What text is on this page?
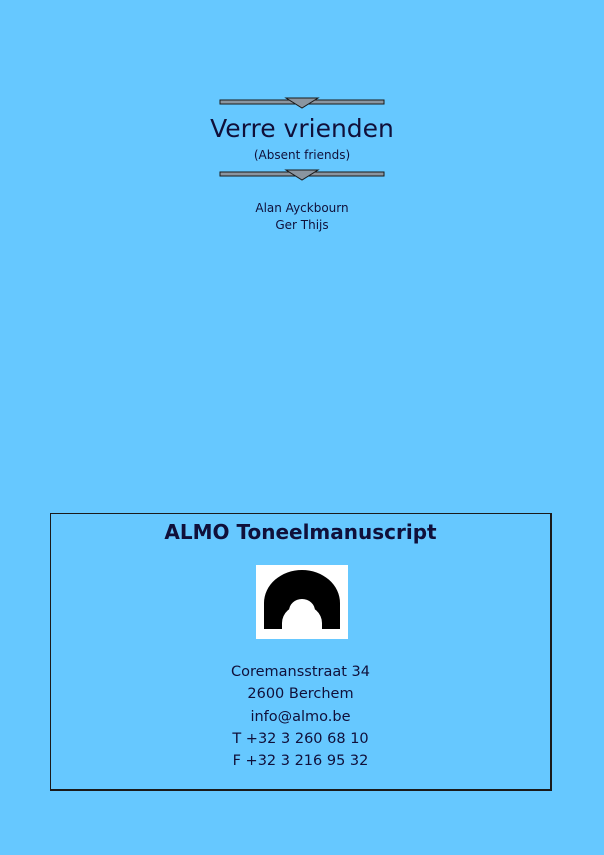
Verre vrienden
(Absent friends)
Alan Ayckbourn
Ger Thijs
ALMO Toneelmanuscript
Coremansstraat 34
2600 Berchem
info@almo.be
T +32 3 260 68 10
F +32 3 216 95 32
